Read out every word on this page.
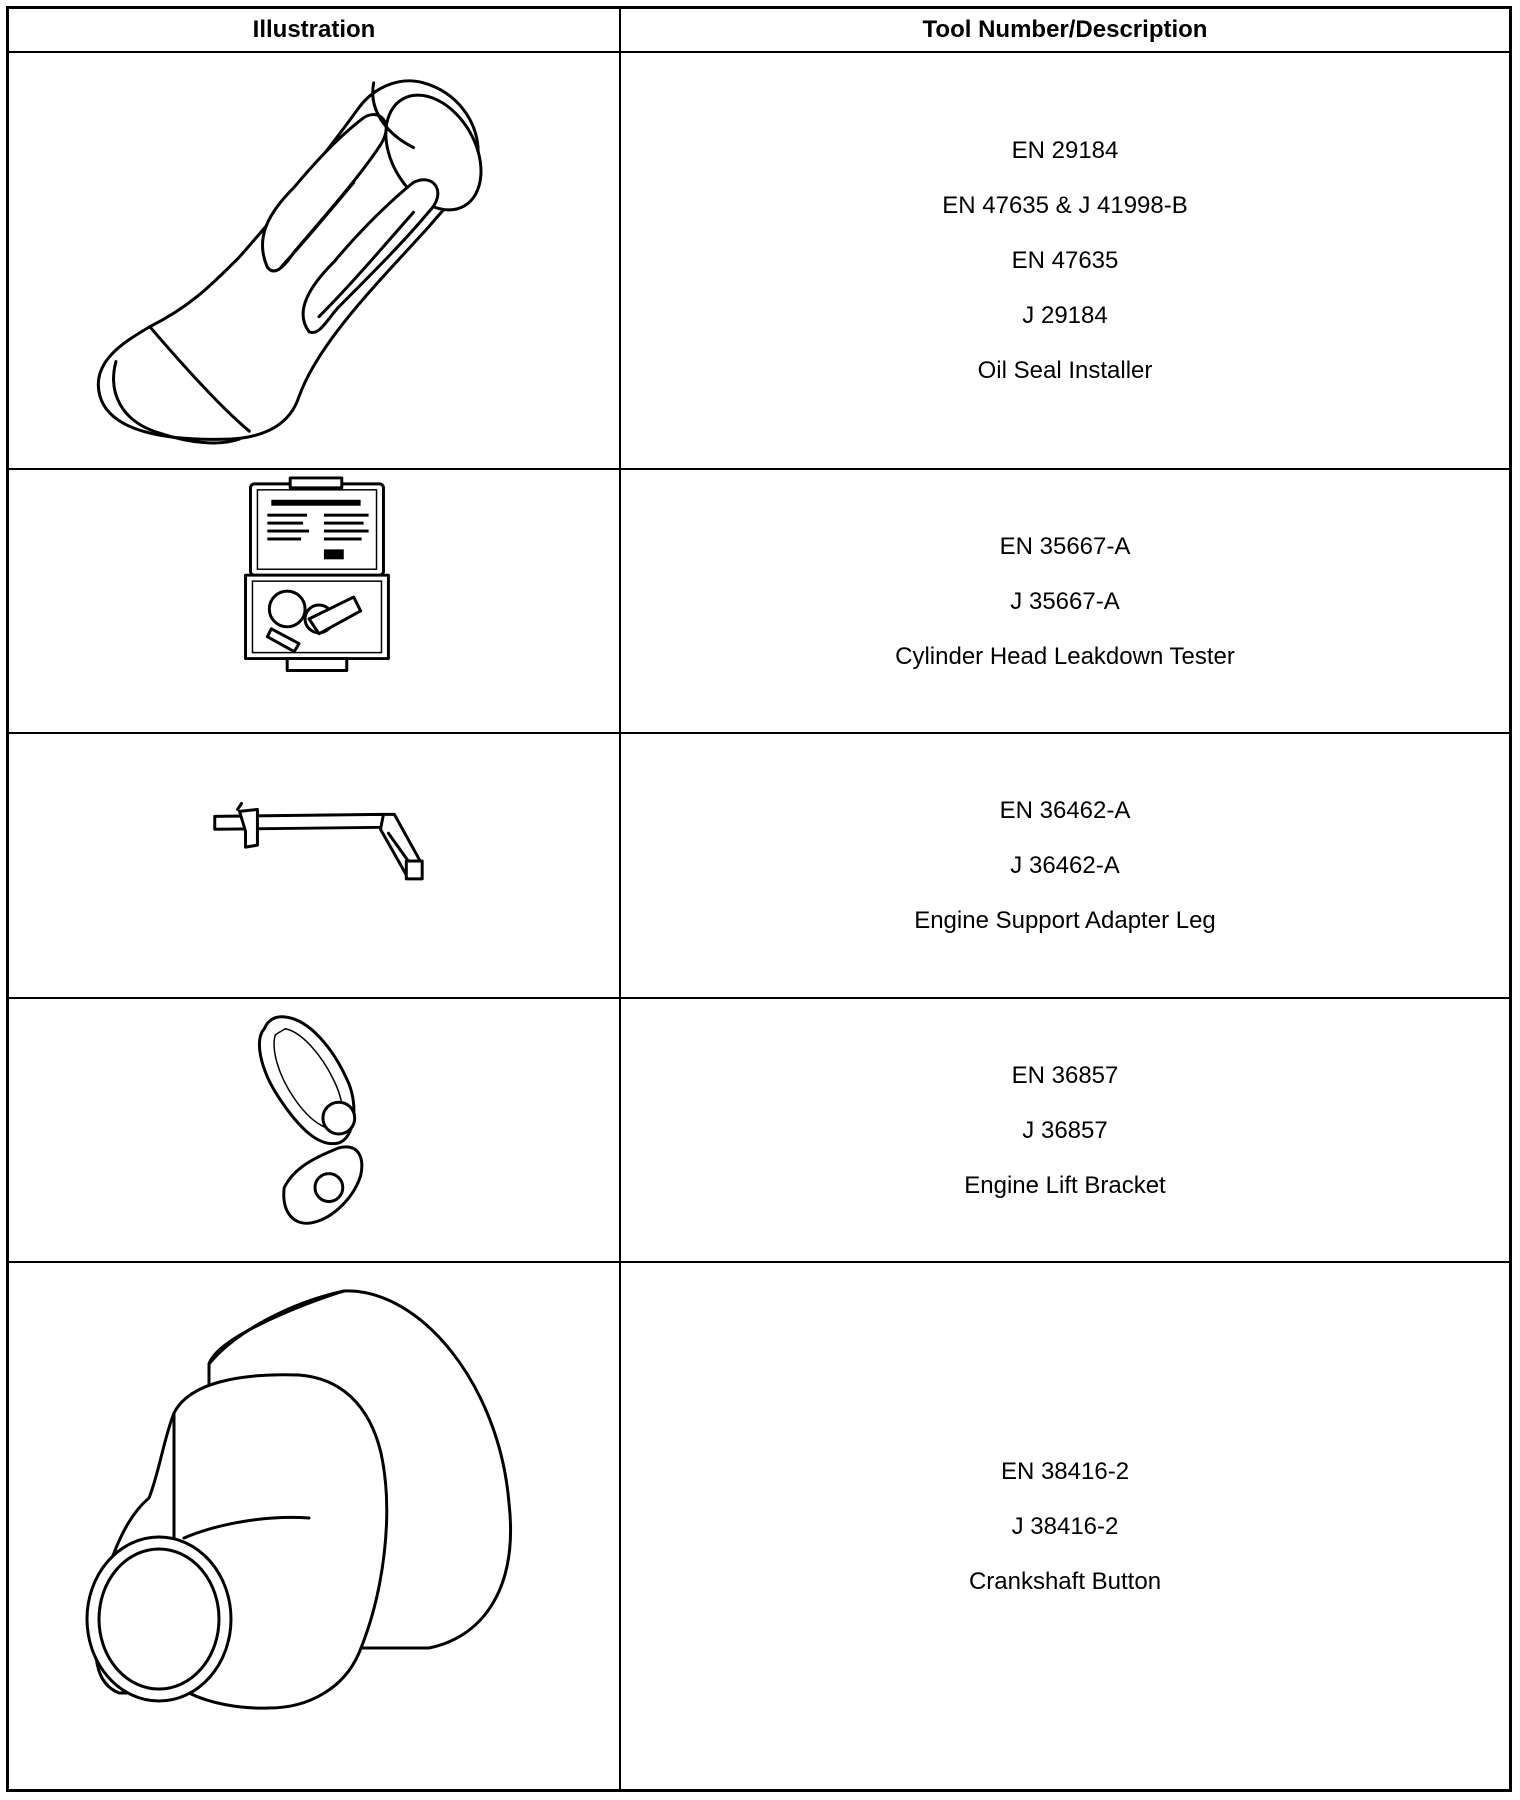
Illustration	Tool Number/Description
EN 29184
EN 47635 & J 41998-B
EN 47635
J 29184
Oil Seal Installer
EN 35667-A
J 35667-A
Cylinder Head Leakdown Tester
EN 36462-A
J 36462-A
Engine Support Adapter Leg
EN 36857
J 36857
Engine Lift Bracket
EN 38416-2
J 38416-2
Crankshaft Button
